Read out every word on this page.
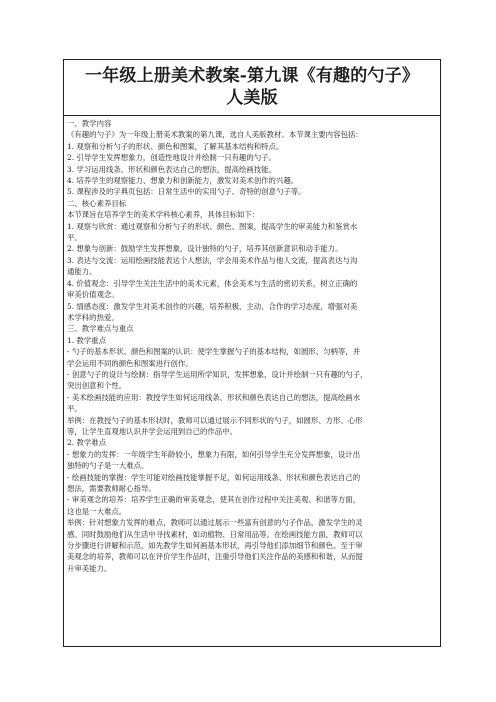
一年级上册美术教案-第九课《有趣的勺子》
人美版
一、教学内容
《有趣的勺子》为一年级上册美术教案的第九课，选自人美版教材。本节课主要内容包括：
1. 观察和分析勺子的形状、颜色和图案，了解其基本结构和特点。
2. 引导学生发挥想象力，创造性地设计并绘制一只有趣的勺子。
3. 学习运用线条、形状和颜色表达自己的想法，提高绘画技能。
4. 培养学生的观察能力、想象力和创新能力，激发对美术创作的兴趣。
5. 课程涉及的字典页包括：日常生活中的实用勺子、奇特的创意勺子等。
二、核心素养目标
本节课旨在培养学生的美术学科核心素养，具体目标如下：
1. 观察与欣赏：通过观察和分析勺子的形状、颜色、图案，提高学生的审美能力和鉴赏水
平。
2. 想象与创新：鼓励学生发挥想象，设计独特的勺子，培养其创新意识和动手能力。
3. 表达与交流：运用绘画技能表达个人想法，学会用美术作品与他人交流，提高表达与沟
通能力。
4. 价值观念：引导学生关注生活中的美术元素，体会美术与生活的密切关系，树立正确的
审美价值观念。
5. 情感态度：激发学生对美术创作的兴趣，培养积极、主动、合作的学习态度，增强对美
术学科的热爱。
三、教学难点与重点
1. 教学重点
- 勺子的基本形状、颜色和图案的认识：使学生掌握勺子的基本结构，如圆形、匀柄等，并
学会运用不同的颜色和图案进行创作。
- 创意勺子的设计与绘制：指导学生运用所学知识，发挥想象，设计并绘制一只有趣的勺子，
突出创意和个性。
- 美术绘画技能的应用：教授学生如何运用线条、形状和颜色表达自己的想法，提高绘画水
平。
举例：在教授勺子的基本形状时，教师可以通过展示不同形状的勺子，如圆形、方形、心形
等，让学生直观地认识并学会运用到自己的作品中。
2. 教学难点
- 想象力的发挥：一年级学生年龄较小，想象力有限，如何引导学生充分发挥想象，设计出
独特的勺子是一大难点。
- 绘画技能的掌握：学生可能对绘画技能掌握不足，如何运用线条、形状和颜色表达自己的
想法，需要教师耐心指导。
- 审美观念的培养：培养学生正确的审美观念，使其在创作过程中关注美观、和谐等方面，
这也是一大难点。
举例：针对想象力发挥的难点，教师可以通过展示一些富有创意的勺子作品，激发学生的灵
感。同时鼓励他们从生活中寻找素材，如动植物、日常用品等。在绘画技能方面，教师可以
分步骤进行讲解和示范，如先教学生如何画基本形状，再引导他们添加细节和颜色。至于审
美观念的培养，教师可以在评价学生作品时，注重引导他们关注作品的美感和和谐，从而提
升审美能力。
